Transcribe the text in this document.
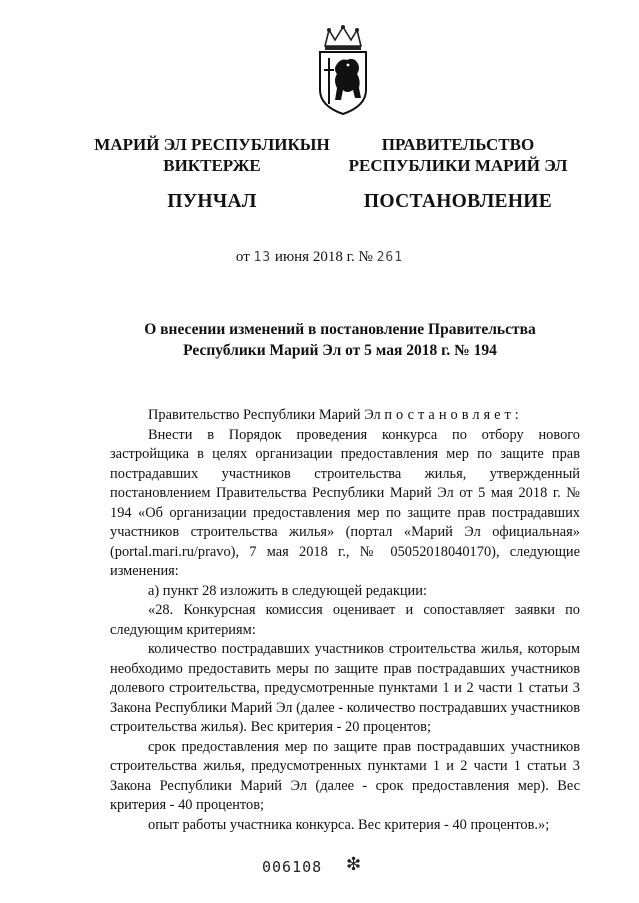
МАРИЙ ЭЛ РЕСПУБЛИКЫН
ВИКТЕРЖЕ
ПУНЧАЛ
ПРАВИТЕЛЬСТВО
РЕСПУБЛИКИ МАРИЙ ЭЛ
ПОСТАНОВЛЕНИЕ
от 13 июня 2018 г. № 261
О внесении изменений в постановление Правительства
Республики Марий Эл от 5 мая 2018 г. № 194

Правительство Республики Марий Эл постановляет:

Внести в Порядок проведения конкурса по отбору нового застройщика в целях организации предоставления мер по защите прав пострадавших участников строительства жилья, утвержденный постановлением Правительства Республики Марий Эл от 5 мая 2018 г. № 194 «Об организации предоставления мер по защите прав пострадавших участников строительства жилья» (портал «Марий Эл официальная» (portal.mari.ru/pravo), 7 мая 2018 г., № 05052018040170), следующие изменения:

а) пункт 28 изложить в следующей редакции:

«28. Конкурсная комиссия оценивает и сопоставляет заявки по следующим критериям:

количество пострадавших участников строительства жилья, которым необходимо предоставить меры по защите прав пострадавших участников долевого строительства, предусмотренные пунктами 1 и 2 части 1 статьи 3 Закона Республики Марий Эл (далее - количество пострадавших участников строительства жилья). Вес критерия - 20 процентов;

срок предоставления мер по защите прав пострадавших участников строительства жилья, предусмотренных пунктами 1 и 2 части 1 статьи 3 Закона Республики Марий Эл (далее - срок предоставления мер). Вес критерия - 40 процентов;

опыт работы участника конкурса. Вес критерия - 40 процентов.»;

006108 ❇
